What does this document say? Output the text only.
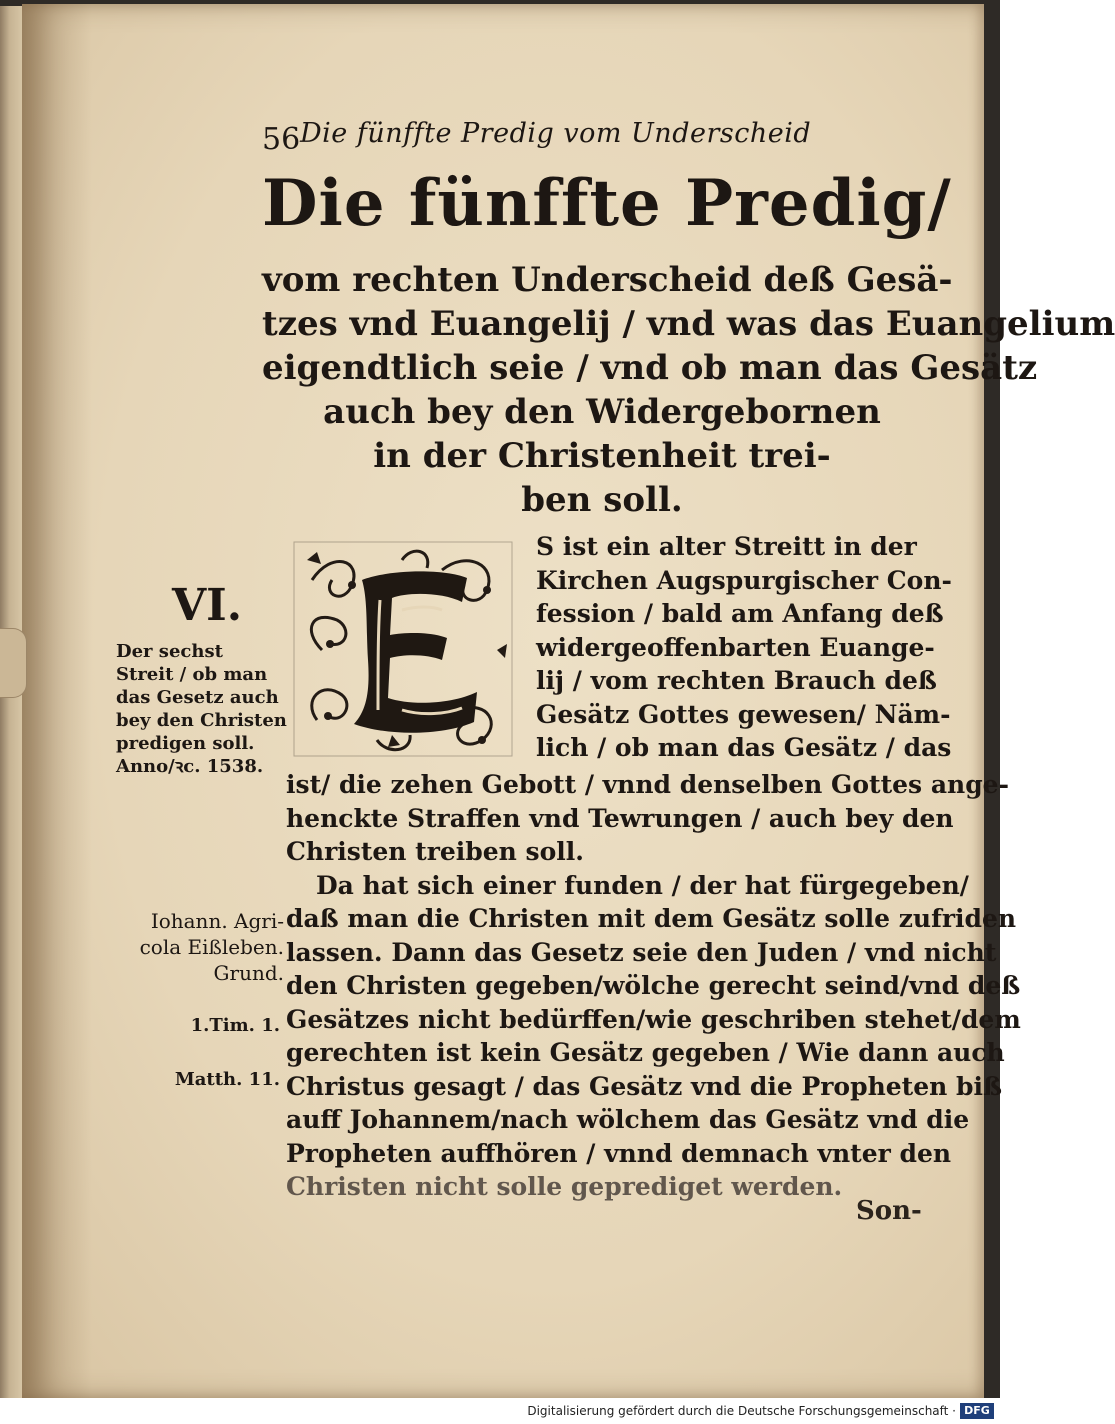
56 Die fünffte Predig vom Underscheid
Die fünffte Predig/
vom rechten Underscheid deß Gesä-
tzes vnd Euangelij / vnd was das Euangelium
eigendtlich seie / vnd ob man das Gesätz
auch bey den Widergebornen
in der Christenheit trei-
ben soll.
VI.
Der sechst
Streit / ob man
das Gesetz auch
bey den Christen
predigen soll.
Anno/ꝛc. 1538.
Iohann. Agri-
cola Eißleben.
Grund.
1.Tim. 1.
Matth. 11.
S ist ein alter Streitt in der
Kirchen Augspurgischer Con-
fession / bald am Anfang deß
widergeoffenbarten Euange-
lij / vom rechten Brauch deß
Gesätz Gottes gewesen/ Näm-
lich / ob man das Gesätz / das
ist/ die zehen Gebott / vnnd denselben Gottes ange-
henckte Straffen vnd Tewrungen / auch bey den
Christen treiben soll.
Da hat sich einer funden / der hat fürgegeben/
daß man die Christen mit dem Gesätz solle zufriden
lassen. Dann das Gesetz seie den Juden / vnd nicht
den Christen gegeben/wölche gerecht seind/vnd deß
Gesätzes nicht bedürffen/wie geschriben stehet/dem
gerechten ist kein Gesätz gegeben / Wie dann auch
Christus gesagt / das Gesätz vnd die Propheten biß
auff Johannem/nach wölchem das Gesätz vnd die
Propheten auffhören / vnnd demnach vnter den
Christen nicht solle geprediget werden.
Son-
Digitalisierung gefördert durch die Deutsche Forschungsgemeinschaft · DFG
